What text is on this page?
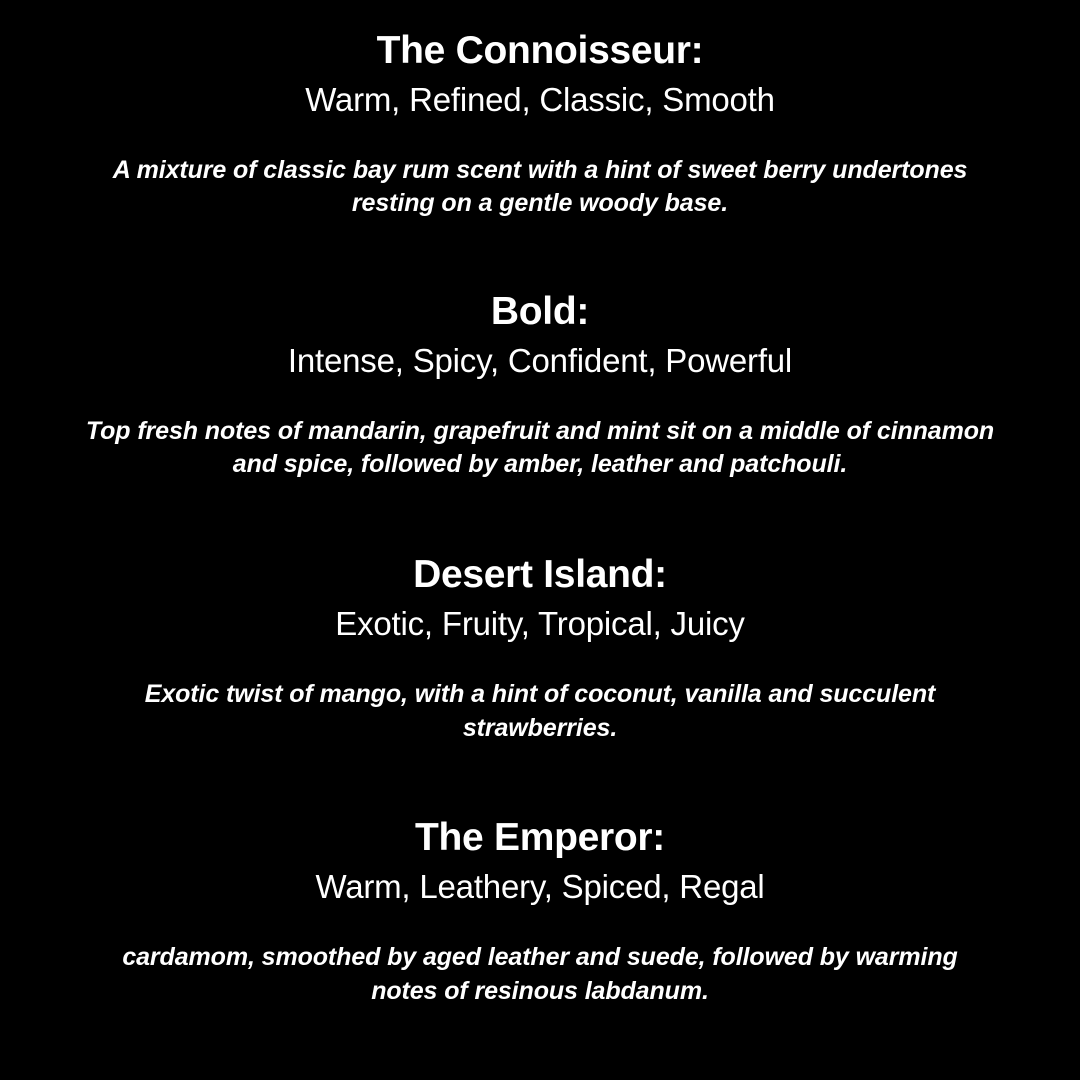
The Connoisseur:

Warm, Refined, Classic, Smooth

A mixture of classic bay rum scent with a hint of sweet berry undertones resting on a gentle woody base.

Bold:

Intense, Spicy, Confident, Powerful

Top fresh notes of mandarin, grapefruit and mint sit on a middle of cinnamon and spice, followed by amber, leather and patchouli.

Desert Island:

Exotic, Fruity, Tropical, Juicy

Exotic twist of mango, with a hint of coconut, vanilla and succulent strawberries.

The Emperor:

Warm, Leathery, Spiced, Regal

cardamom, smoothed by aged leather and suede, followed by warming notes of resinous labdanum.
